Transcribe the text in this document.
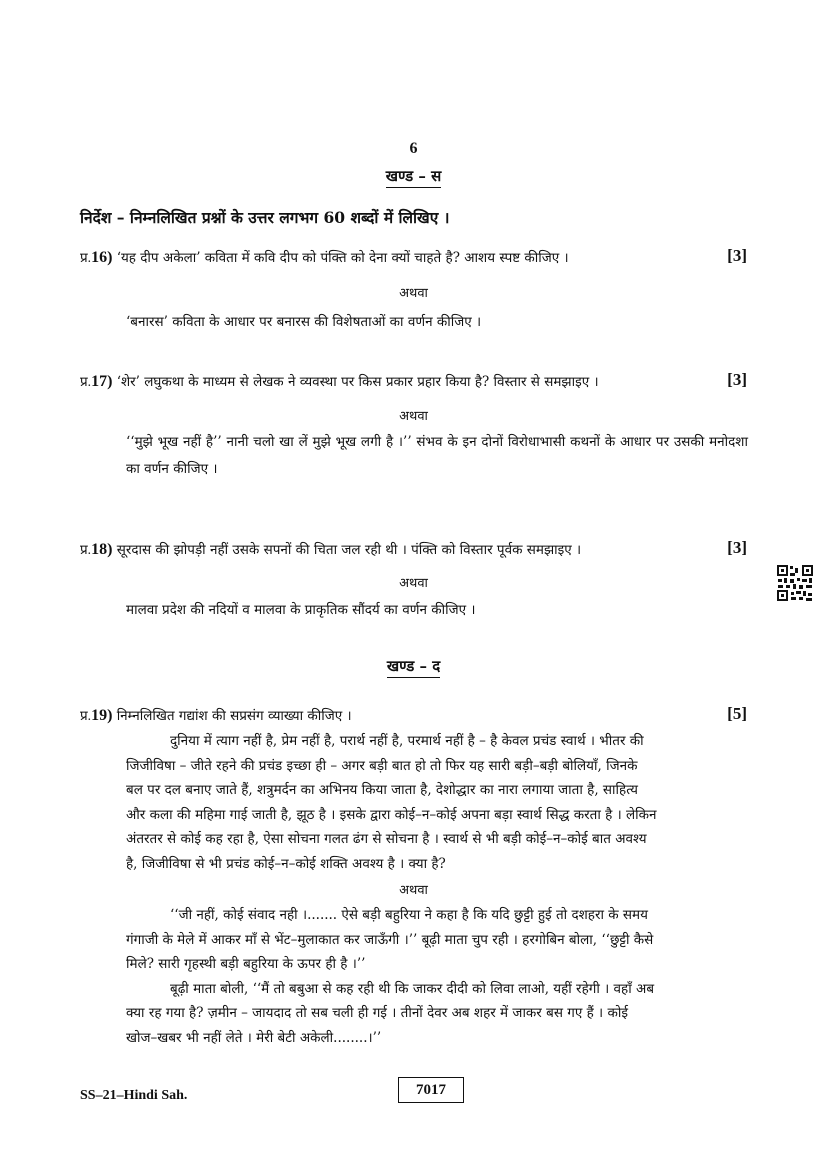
6
खण्ड – स
निर्देश – निम्नलिखित प्रश्नों के उत्तर लगभग 60 शब्दों में लिखिए ।
प्र.16) ‘यह दीप अकेला’ कविता में कवि दीप को पंक्ति को देना क्यों चाहते है? आशय स्पष्ट कीजिए ।	[3]
अथवा
‘बनारस’ कविता के आधार पर बनारस की विशेषताओं का वर्णन कीजिए ।
प्र.17) ‘शेर’ लघुकथा के माध्यम से लेखक ने व्यवस्था पर किस प्रकार प्रहार किया है? विस्तार से समझाइए ।	[3]
अथवा
‘‘मुझे भूख नहीं है’’ नानी चलो खा लें मुझे भूख लगी है ।’’ संभव के इन दोनों विरोधाभासी कथनों के आधार पर उसकी मनोदशा का वर्णन कीजिए ।
प्र.18) सूरदास की झोपड़ी नहीं उसके सपनों की चिता जल रही थी । पंक्ति को विस्तार पूर्वक समझाइए ।	[3]
अथवा
मालवा प्रदेश की नदियों व मालवा के प्राकृतिक सौंदर्य का वर्णन कीजिए ।
खण्ड – द
प्र.19) निम्नलिखित गद्यांश की सप्रसंग व्याख्या कीजिए ।	[5]
दुनिया में त्याग नहीं है, प्रेम नहीं है, परार्थ नहीं है, परमार्थ नहीं है – है केवल प्रचंड स्वार्थ । भीतर की
जिजीविषा – जीते रहने की प्रचंड इच्छा ही – अगर बड़ी बात हो तो फिर यह सारी बड़ी–बड़ी बोलियाँ, जिनके
बल पर दल बनाए जाते हैं, शत्रुमर्दन का अभिनय किया जाता है, देशोद्धार का नारा लगाया जाता है, साहित्य
और कला की महिमा गाई जाती है, झूठ है । इसके द्वारा कोई–न–कोई अपना बड़ा स्वार्थ सिद्ध करता है । लेकिन
अंतरतर से कोई कह रहा है, ऐसा सोचना गलत ढंग से सोचना है । स्वार्थ से भी बड़ी कोई–न–कोई बात अवश्य
है, जिजीविषा से भी प्रचंड कोई–न–कोई शक्ति अवश्य है । क्या है?
अथवा
‘‘जी नहीं, कोई संवाद नही ।....... ऐसे बड़ी बहुरिया ने कहा है कि यदि छुट्टी हुई तो दशहरा के समय
गंगाजी के मेले में आकर माँ से भेंट–मुलाकात कर जाऊँगी ।’’ बूढ़ी माता चुप रही । हरगोबिन बोला, ‘‘छुट्टी कैसे
मिले? सारी गृहस्थी बड़ी बहुरिया के ऊपर ही है ।’’
बूढ़ी माता बोली, ‘‘मैं तो बबुआ से कह रही थी कि जाकर दीदी को लिवा लाओ, यहीं रहेगी । वहाँ अब
क्या रह गया है? ज़मीन – जायदाद तो सब चली ही गई । तीनों देवर अब शहर में जाकर बस गए हैं । कोई
खोज–खबर भी नहीं लेते । मेरी बेटी अकेली........।’’
SS–21–Hindi Sah.	7017
